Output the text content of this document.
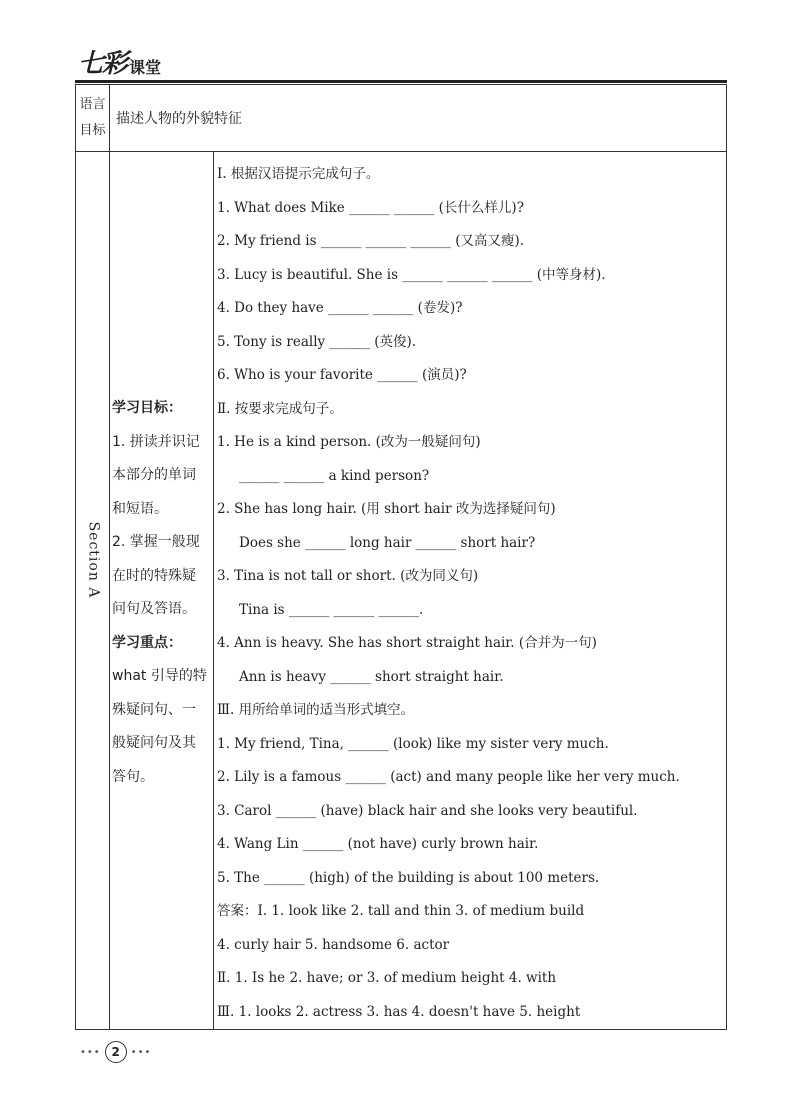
七彩 课堂
语言
目标
描述人物的外貌特征
Section A
学习目标：
1. 拼读并识记
本部分的单词
和短语。
2. 掌握一般现
在时的特殊疑
问句及答语。
学习重点：
what 引导的特
殊疑问句、一
般疑问句及其
答句。
Ⅰ. 根据汉语提示完成句子。
1. What does Mike ______ ______ (长什么样儿)?
2. My friend is ______ ______ ______ (又高又瘦).
3. Lucy is beautiful. She is ______ ______ ______ (中等身材).
4. Do they have ______ ______ (卷发)?
5. Tony is really ______ (英俊).
6. Who is your favorite ______ (演员)?
Ⅱ. 按要求完成句子。
1. He is a kind person. (改为一般疑问句)
______ ______ a kind person?
2. She has long hair. (用 short hair 改为选择疑问句)
Does she ______ long hair ______ short hair?
3. Tina is not tall or short. (改为同义句)
Tina is ______ ______ ______.
4. Ann is heavy. She has short straight hair. (合并为一句)
Ann is heavy ______ short straight hair.
Ⅲ. 用所给单词的适当形式填空。
1. My friend, Tina, ______ (look) like my sister very much.
2. Lily is a famous ______ (act) and many people like her very much.
3. Carol ______ (have) black hair and she looks very beautiful.
4. Wang Lin ______ (not have) curly brown hair.
5. The ______ (high) of the building is about 100 meters.
答案：Ⅰ. 1. look like 2. tall and thin 3. of medium build
4. curly hair 5. handsome 6. actor
Ⅱ. 1. Is he 2. have; or 3. of medium height 4. with
Ⅲ. 1. looks 2. actress 3. has 4. doesn't have 5. height
••• 2	•••
